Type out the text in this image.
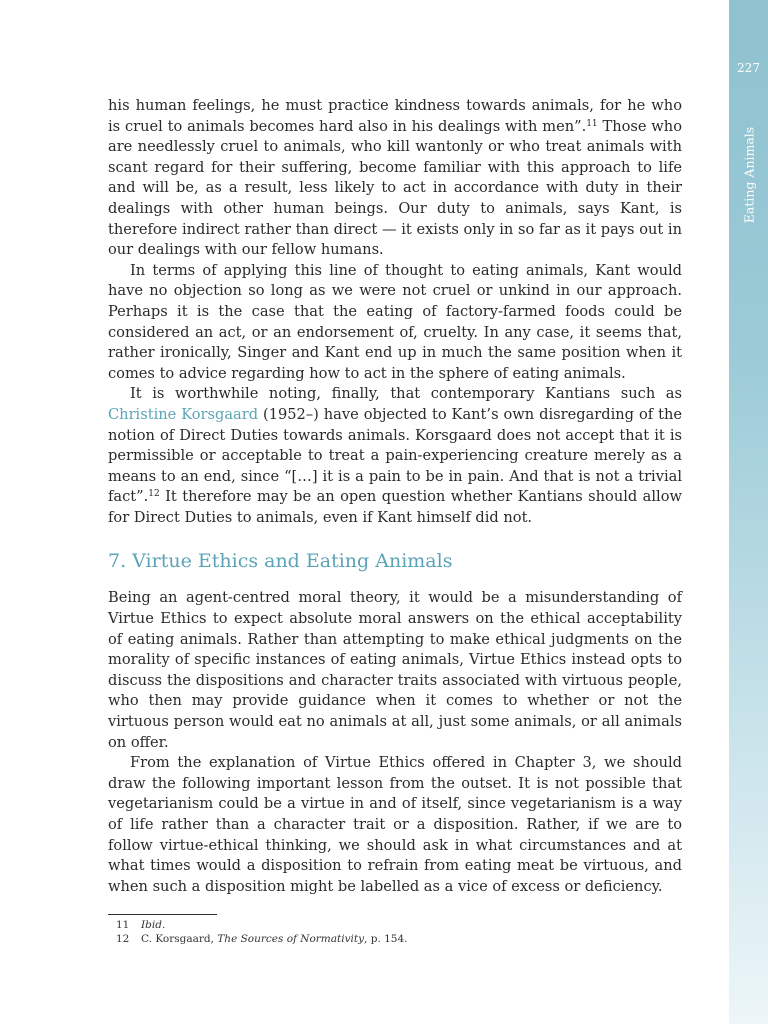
227
Eating Animals

his human feelings, he must practice kindness towards animals, for he who is cruel to animals becomes hard also in his dealings with men”.$^{11}$ Those who are needlessly cruel to animals, who kill wantonly or who treat animals with scant regard for their suffering, become familiar with this approach to life and will be, as a result, less likely to act in accordance with duty in their dealings with other human beings. Our duty to animals, says Kant, is therefore indirect rather than direct — it exists only in so far as it pays out in our dealings with our fellow humans.

In terms of applying this line of thought to eating animals, Kant would have no objection so long as we were not cruel or unkind in our approach. Perhaps it is the case that the eating of factory-farmed foods could be considered an act, or an endorsement of, cruelty. In any case, it seems that, rather ironically, Singer and Kant end up in much the same position when it comes to advice regarding how to act in the sphere of eating animals.

It is worthwhile noting, finally, that contemporary Kantians such as Christine Korsgaard (1952–) have objected to Kant’s own disregarding of the notion of Direct Duties towards animals. Korsgaard does not accept that it is permissible or acceptable to treat a pain-experiencing creature merely as a means to an end, since “[…] it is a pain to be in pain. And that is not a trivial fact”.$^{12}$ It therefore may be an open question whether Kantians should allow for Direct Duties to animals, even if Kant himself did not.

7. Virtue Ethics and Eating Animals

Being an agent-centred moral theory, it would be a misunderstanding of Virtue Ethics to expect absolute moral answers on the ethical acceptability of eating animals. Rather than attempting to make ethical judgments on the morality of specific instances of eating animals, Virtue Ethics instead opts to discuss the dispositions and character traits associated with virtuous people, who then may provide guidance when it comes to whether or not the virtuous person would eat no animals at all, just some animals, or all animals on offer.

From the explanation of Virtue Ethics offered in Chapter 3, we should draw the following important lesson from the outset. It is not possible that vegetarianism could be a virtue in and of itself, since vegetarianism is a way of life rather than a character trait or a disposition. Rather, if we are to follow virtue-ethical thinking, we should ask in what circumstances and at what times would a disposition to refrain from eating meat be virtuous, and when such a disposition might be labelled as a vice of excess or deficiency.

11 Ibid.
12 C. Korsgaard, The Sources of Normativity, p. 154.
